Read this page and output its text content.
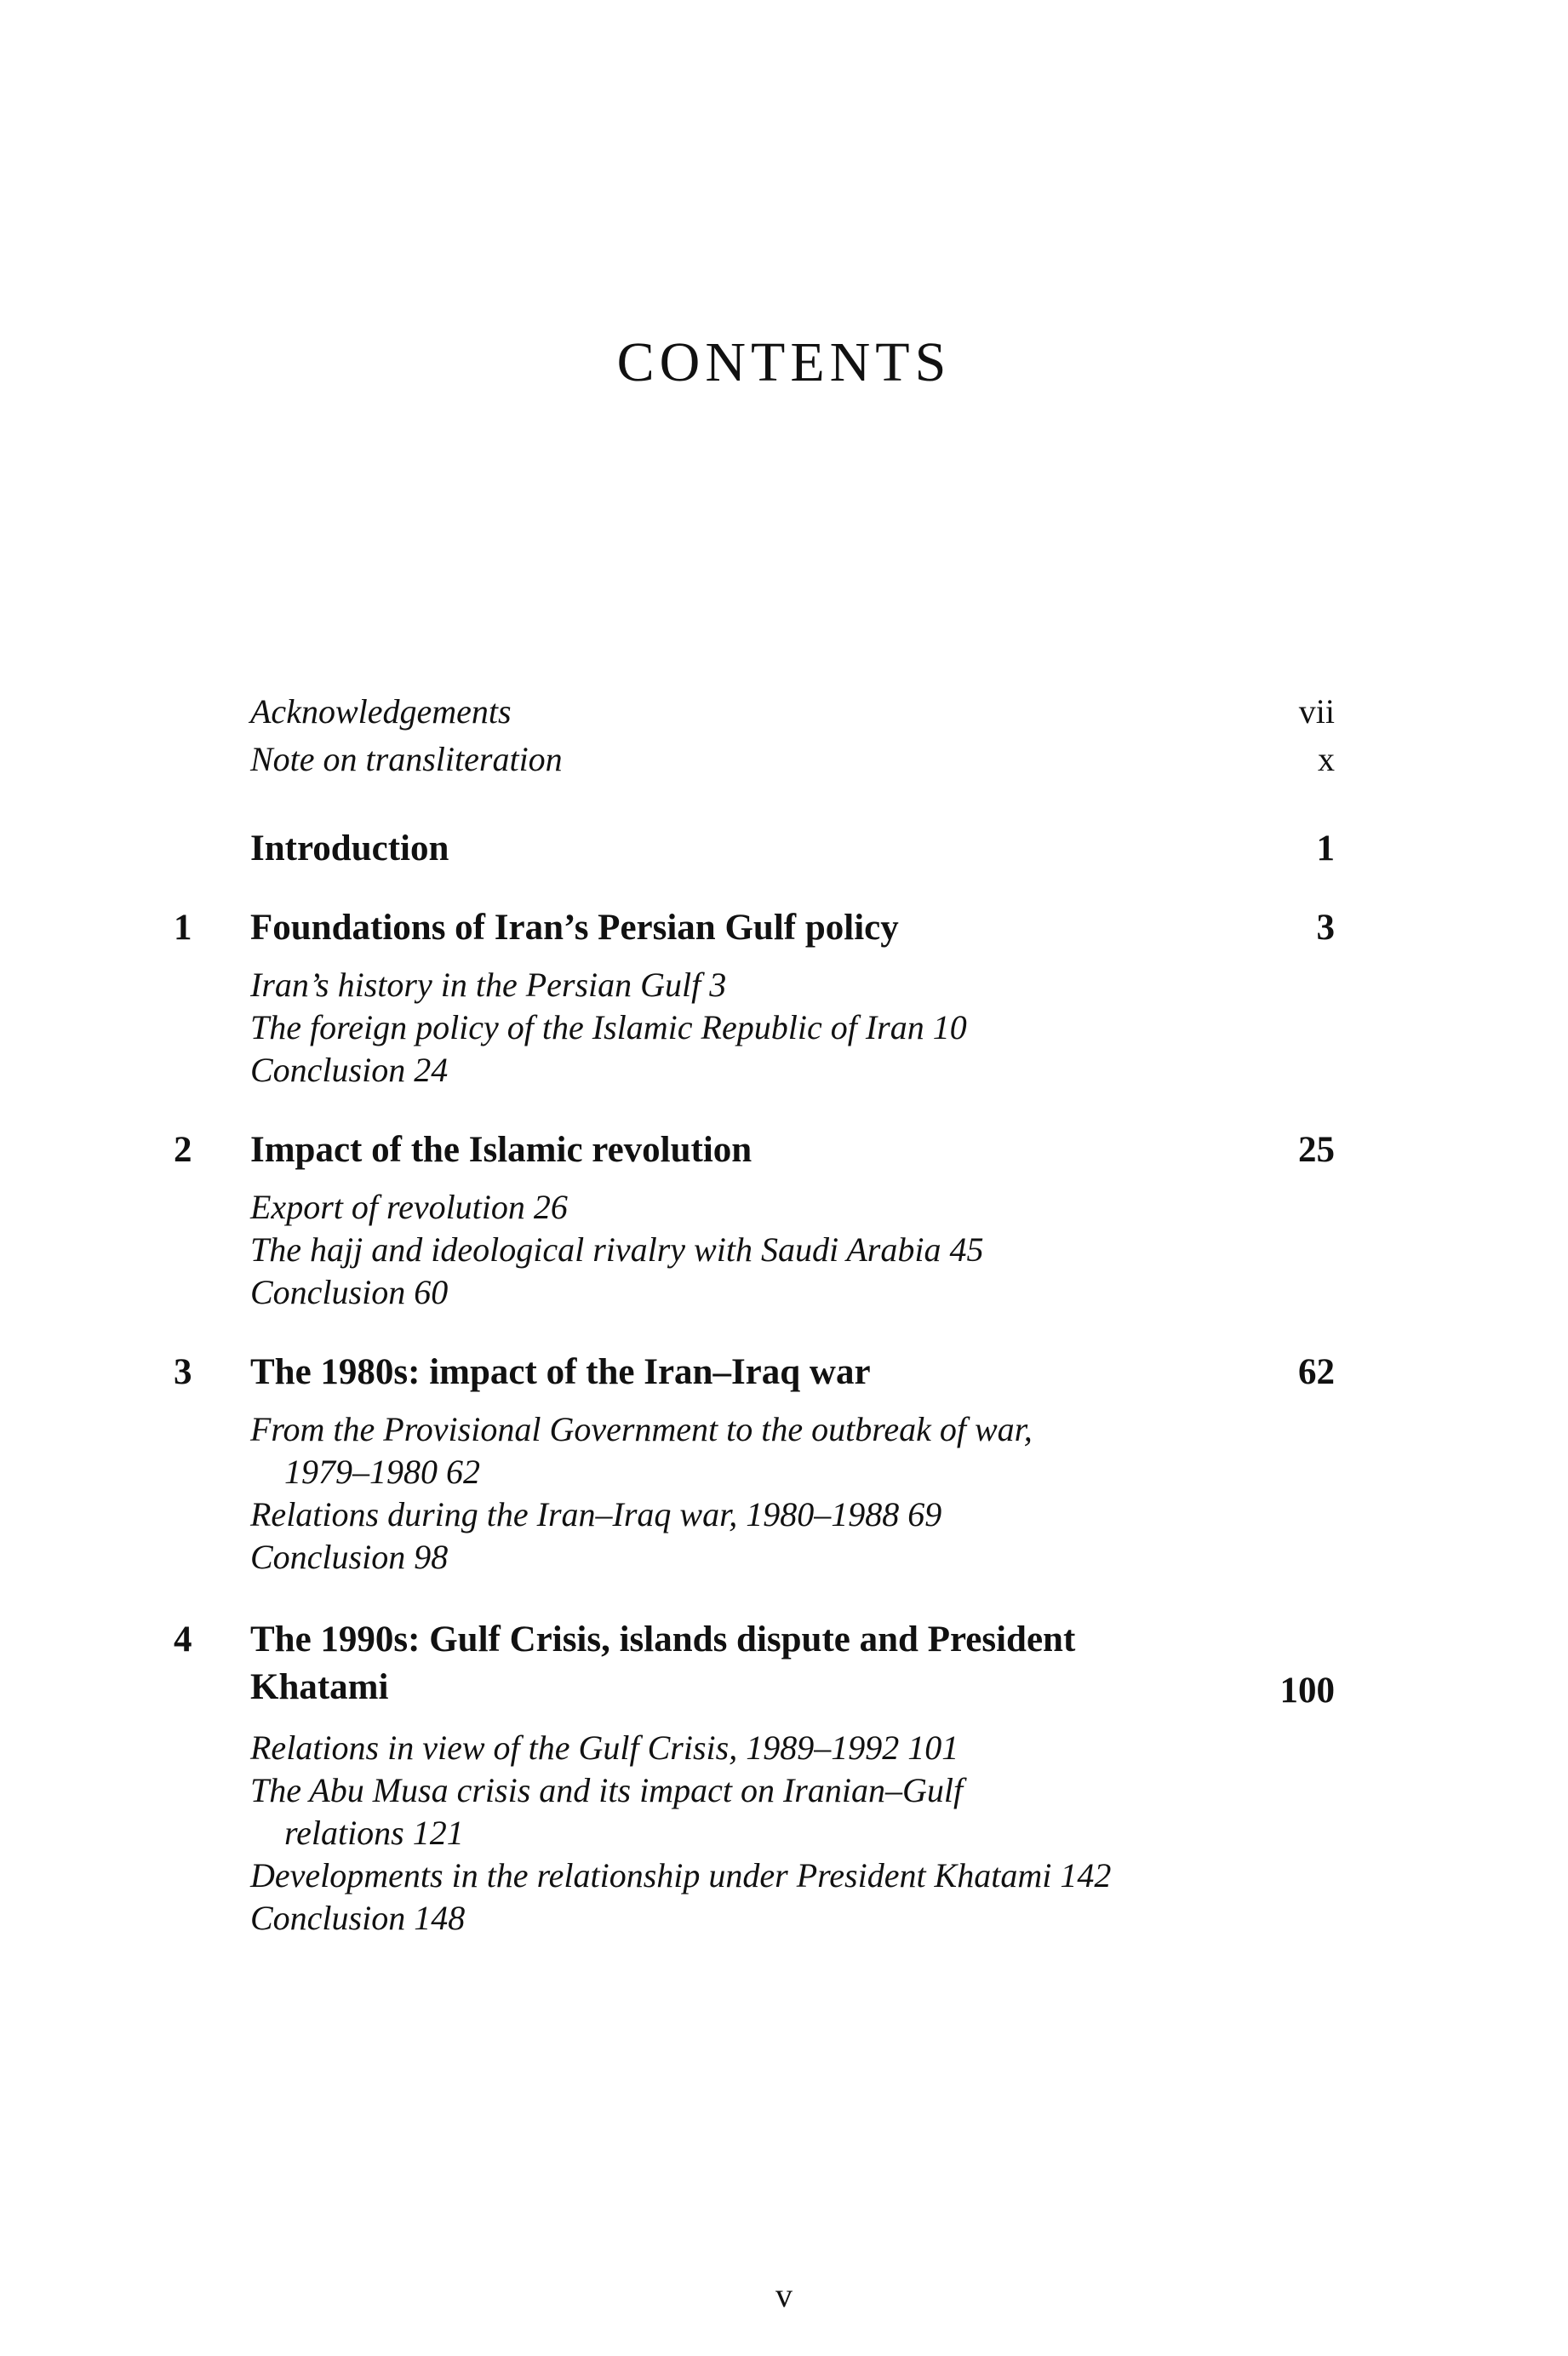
CONTENTS
Acknowledgements	vii
Note on transliteration	x
Introduction	1
1	Foundations of Iran’s Persian Gulf policy	3
Iran’s history in the Persian Gulf 3
The foreign policy of the Islamic Republic of Iran 10
Conclusion 24
2	Impact of the Islamic revolution	25
Export of revolution 26
The hajj and ideological rivalry with Saudi Arabia 45
Conclusion 60
3	The 1980s: impact of the Iran–Iraq war	62
From the Provisional Government to the outbreak of war,
1979–1980 62
Relations during the Iran–Iraq war, 1980–1988 69
Conclusion 98
4	The 1990s: Gulf Crisis, islands dispute and President
Khatami	100
Relations in view of the Gulf Crisis, 1989–1992 101
The Abu Musa crisis and its impact on Iranian–Gulf
relations 121
Developments in the relationship under President Khatami 142
Conclusion 148
v
